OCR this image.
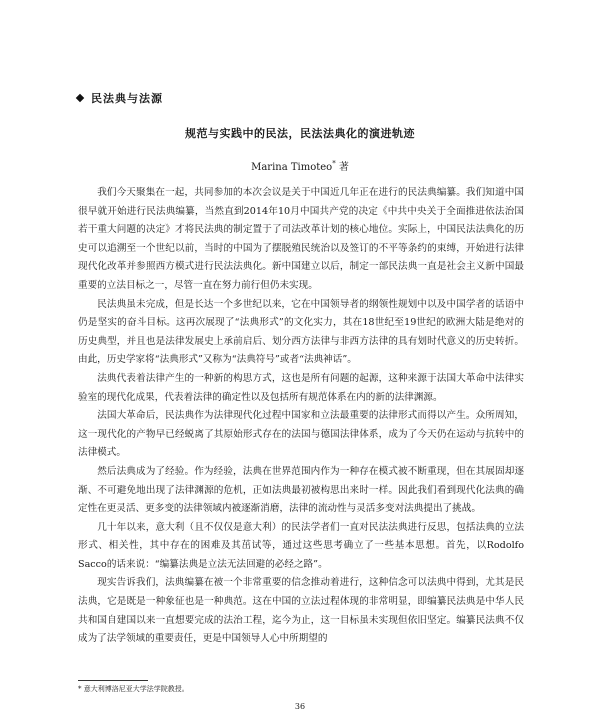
民法典与法源
规范与实践中的民法，民法法典化的演进轨迹
Marina Timoteo* 著

我们今天聚集在一起，共同参加的本次会议是关于中国近几年正在进行的民法典编纂。我们知道中国很早就开始进行民法典编纂，当然直到2014年10月中国共产党的决定《中共中央关于全面推进依法治国若干重大问题的决定》才将民法典的制定置于了司法改革计划的核心地位。实际上，中国民法法典化的历史可以追溯至一个世纪以前，当时的中国为了摆脱殖民统治以及签订的不平等条约的束缚，开始进行法律现代化改革并参照西方模式进行民法法典化。新中国建立以后，制定一部民法典一直是社会主义新中国最重要的立法目标之一，尽管一直在努力前行但仍未实现。

民法典虽未完成，但是长达一个多世纪以来，它在中国领导者的纲领性规划中以及中国学者的话语中仍是坚实的奋斗目标。这再次展现了“法典形式”的文化实力，其在18世纪至19世纪的欧洲大陆是绝对的历史典型，并且也是法律发展史上承前启后、划分西方法律与非西方法律的具有划时代意义的历史转折。由此，历史学家将“法典形式”又称为“法典符号”或者“法典神话”。

法典代表着法律产生的一种新的构思方式，这也是所有问题的起源，这种来源于法国大革命中法律实验室的现代化成果，代表着法律的确定性以及包括所有规范体系在内的新的法律渊源。

法国大革命后，民法典作为法律现代化过程中国家和立法最重要的法律形式而得以产生。众所周知，这一现代化的产物早已经蜕离了其原始形式存在的法国与德国法律体系，成为了今天仍在运动与抗转中的法律模式。

然后法典成为了经验。作为经验，法典在世界范围内作为一种存在模式被不断重现，但在其展固却逐渐、不可避免地出现了法律渊源的危机，正如法典最初被构思出来时一样。因此我们看到现代化法典的确定性在更灵活、更多变的法律领域内被逐渐消磨，法律的流动性与灵活多变对法典提出了挑战。

几十年以来，意大利（且不仅仅是意大利）的民法学者们一直对民法法典进行反思，包括法典的立法形式、相关性，其中存在的困难及其茁试等，通过这些思考确立了一些基本思想。首先，以Rodolfo Sacco的话来说：“编纂法典是立法无法回避的必经之路”。

现实告诉我们，法典编纂在被一个非常重要的信念推动着进行，这种信念可以法典中得到，尤其是民法典，它是既是一种象征也是一种典范。这在中国的立法过程体现的非常明显，即编纂民法典是中华人民共和国自建国以来一直想要完成的法治工程，迄今为止，这一目标虽未实现但依旧坚定。编纂民法典不仅成为了法学领域的重要责任，更是中国领导人心中所期望的

* 意大利博洛尼亚大学法学院教授。
36
